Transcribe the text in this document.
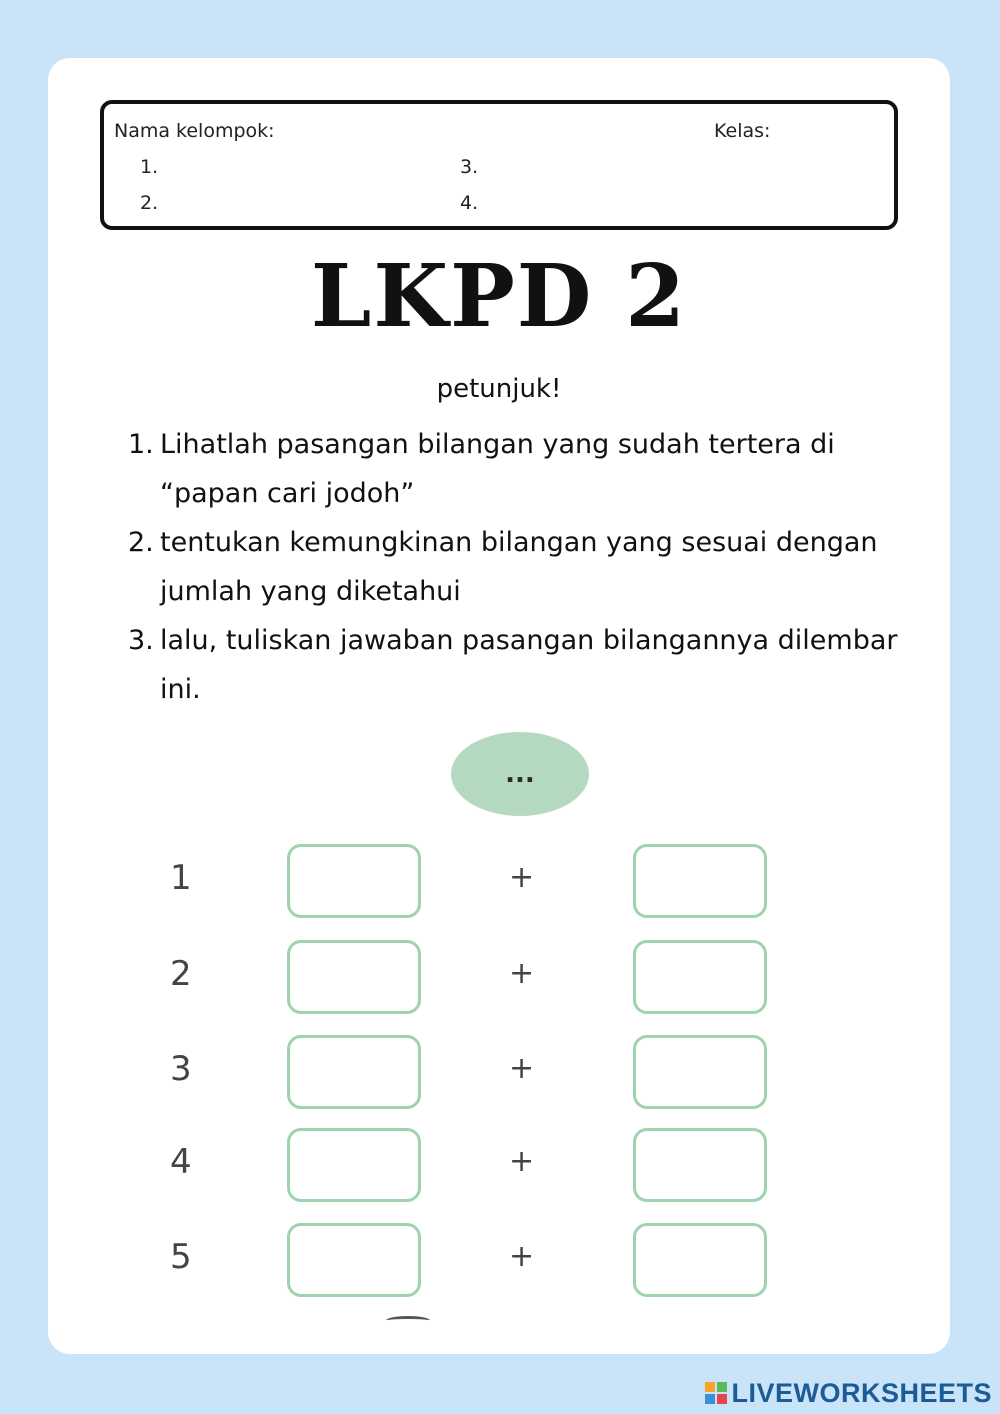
Nama kelompok:	Kelas:
1.
2.
3.
4.
LKPD 2
petunjuk!
1. Lihatlah pasangan bilangan yang sudah tertera di “papan cari jodoh”
2. tentukan kemungkinan bilangan yang sesuai dengan jumlah yang diketahui
3. lalu, tuliskan jawaban pasangan bilangannya dilembar ini.
...
1	+
2	+
3	+
4	+
5	+
LIVEWORKSHEETS
